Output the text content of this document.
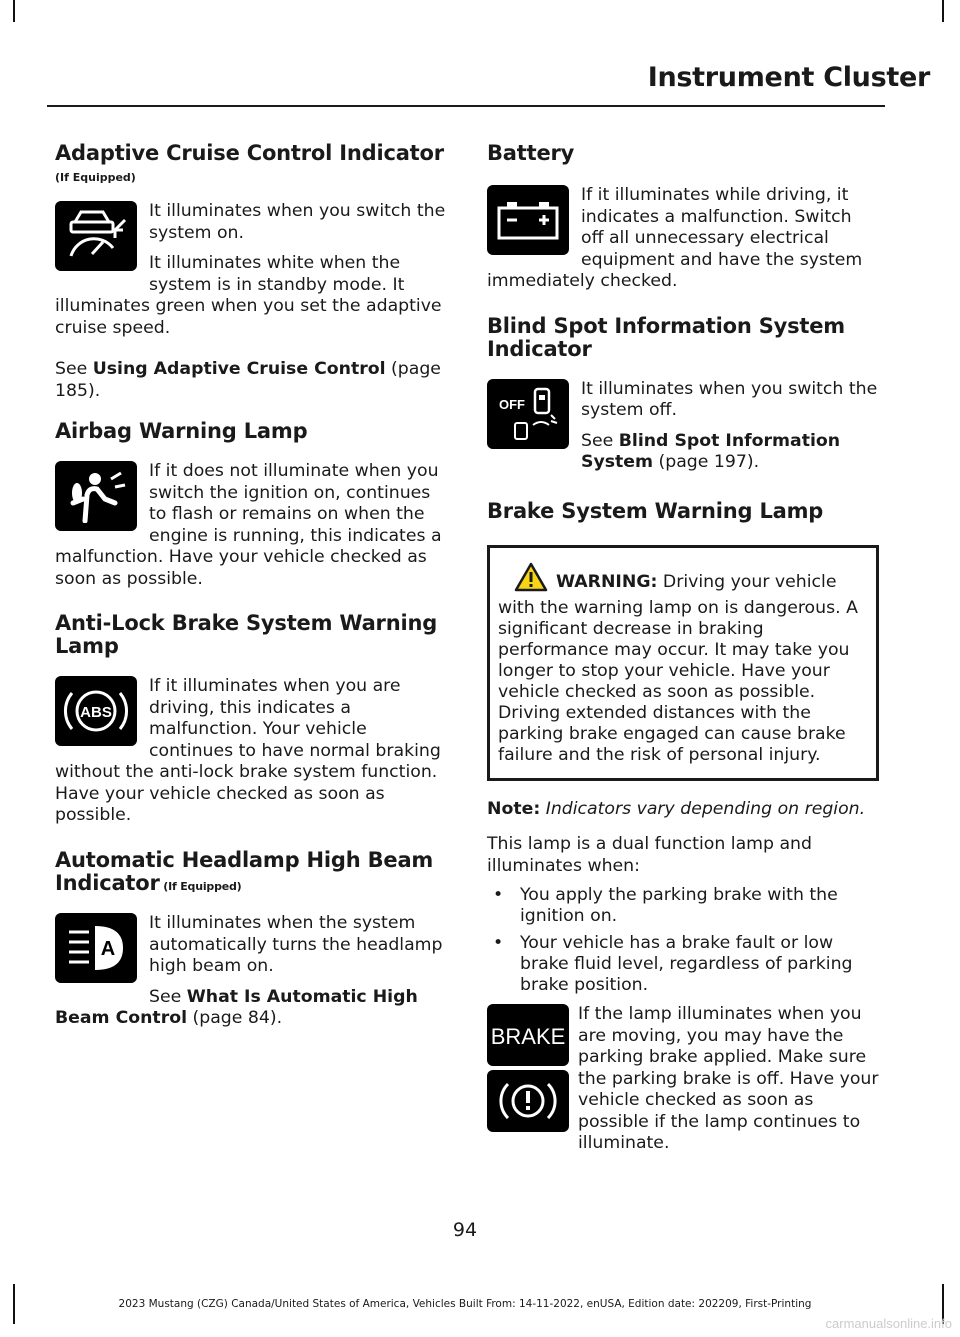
Instrument Cluster
Adaptive Cruise Control Indicator
(If Equipped)

It illuminates when you switch the system on.

It illuminates white when the system is in standby mode. It illuminates green when you set the adaptive cruise speed.

See Using Adaptive Cruise Control (page 185).

Airbag Warning Lamp

If it does not illuminate when you switch the ignition on, continues to flash or remains on when the engine is running, this indicates a malfunction. Have your vehicle checked as soon as possible.

Anti-Lock Brake System Warning Lamp
ABS

If it illuminates when you are driving, this indicates a malfunction. Your vehicle continues to have normal braking without the anti-lock brake system function. Have your vehicle checked as soon as possible.

Automatic Headlamp High Beam Indicator (If Equipped)
A

It illuminates when the system automatically turns the headlamp high beam on.

See What Is Automatic High Beam Control (page 84).

Battery

If it illuminates while driving, it indicates a malfunction. Switch off all unnecessary electrical equipment and have the system immediately checked.

Blind Spot Information System Indicator
OFF

It illuminates when you switch the system off.

See Blind Spot Information System (page 197).

Brake System Warning Lamp

WARNING: Driving your vehicle with the warning lamp on is dangerous. A significant decrease in braking performance may occur. It may take you longer to stop your vehicle. Have your vehicle checked as soon as possible. Driving extended distances with the parking brake engaged can cause brake failure and the risk of personal injury.

Note: Indicators vary depending on region.

This lamp is a dual function lamp and illuminates when:

• You apply the parking brake with the ignition on.
• Your vehicle has a brake fault or low brake fluid level, regardless of parking brake position.
BRAKE

If the lamp illuminates when you are moving, you may have the parking brake applied. Make sure the parking brake is off. Have your vehicle checked as soon as possible if the lamp continues to illuminate.

94
2023 Mustang (CZG) Canada/United States of America, Vehicles Built From: 14-11-2022, enUSA, Edition date: 202209, First-Printing
carmanualsonline.info
